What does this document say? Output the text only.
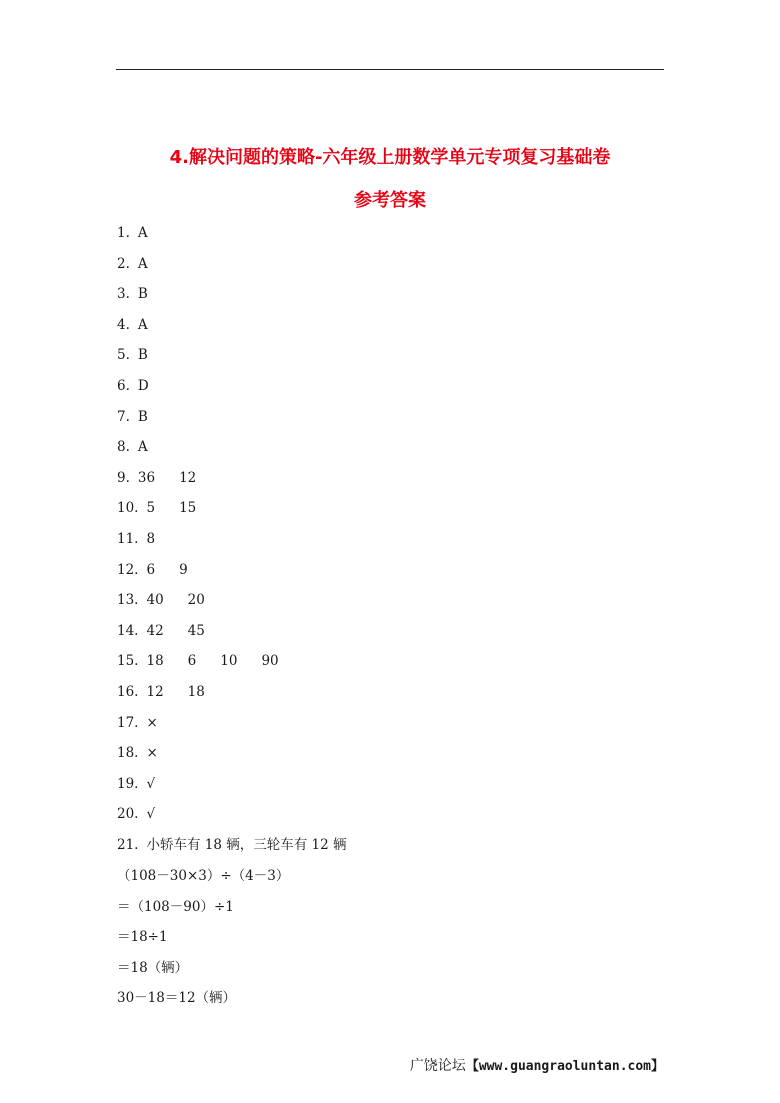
4.解决问题的策略-六年级上册数学单元专项复习基础卷
参考答案
1. A
2. A
3. B
4. A
5. B
6. D
7. B
8. A
9. 36 12
10. 5 15
11. 8
12. 6 9
13. 40 20
14. 42 45
15. 18 6 10 90
16. 12 18
17. ×
18. ×
19. √
20. √
21. 小轿车有 18 辆，三轮车有 12 辆
（108－30×3）÷（4－3）
＝（108－90）÷1
＝18÷1
＝18（辆）
30－18＝12（辆）
广饶论坛【www.guangraoluntan.com】
